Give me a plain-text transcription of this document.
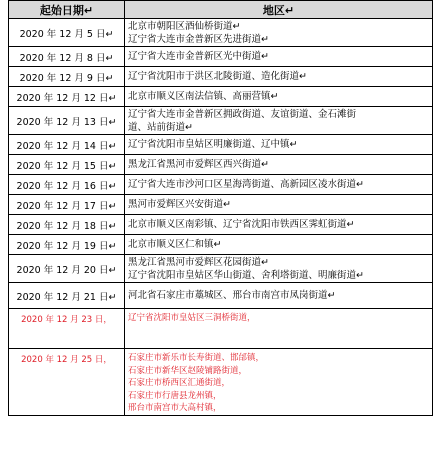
起始日期↵	地区↵
2020 年 12 月 5 日↵	北京市朝阳区酒仙桥街道↵
辽宁省大连市金普新区先进街道↵

2020 年 12 月 8 日↵	辽宁省大连市金普新区光中街道↵

2020 年 12 月 9 日↵	辽宁省沈阳市于洪区北陵街道、造化街道↵

2020 年 12 月 12 日↵	北京市顺义区南法信镇、高丽营镇↵

2020 年 12 月 13 日↵	辽宁省大连市金普新区拥政街道、友谊街道、金石滩街
道、站前街道↵

2020 年 12 月 14 日↵	辽宁省沈阳市皇姑区明廉街道、辽中镇↵

2020 年 12 月 15 日↵	黑龙江省黑河市爱辉区西兴街道↵

2020 年 12 月 16 日↵	辽宁省大连市沙河口区星海湾街道、高新园区凌水街道↵

2020 年 12 月 17 日↵	黑河市爱辉区兴安街道↵

2020 年 12 月 18 日↵	北京市顺义区南彩镇、辽宁省沈阳市铁西区霁虹街道↵

2020 年 12 月 19 日↵	北京市顺义区仁和镇↵

2020 年 12 月 20 日↵	黑龙江省黑河市爱辉区花园街道↵
辽宁省沈阳市皇姑区华山街道、舍利塔街道、明廉街道↵

2020 年 12 月 21 日↵	河北省石家庄市藁城区、邢台市南宫市凤岗街道↵

2020 年 12 月 23 日，	辽宁省沈阳市皇姑区三洞桥街道，

2020 年 12 月 25 日，	石家庄市新乐市长寿街道、邯邰镇，
石家庄市新华区赵陵铺路街道，
石家庄市桥西区汇通街道，
石家庄市行唐县龙州镇，
邢台市南宫市大高村镇，
